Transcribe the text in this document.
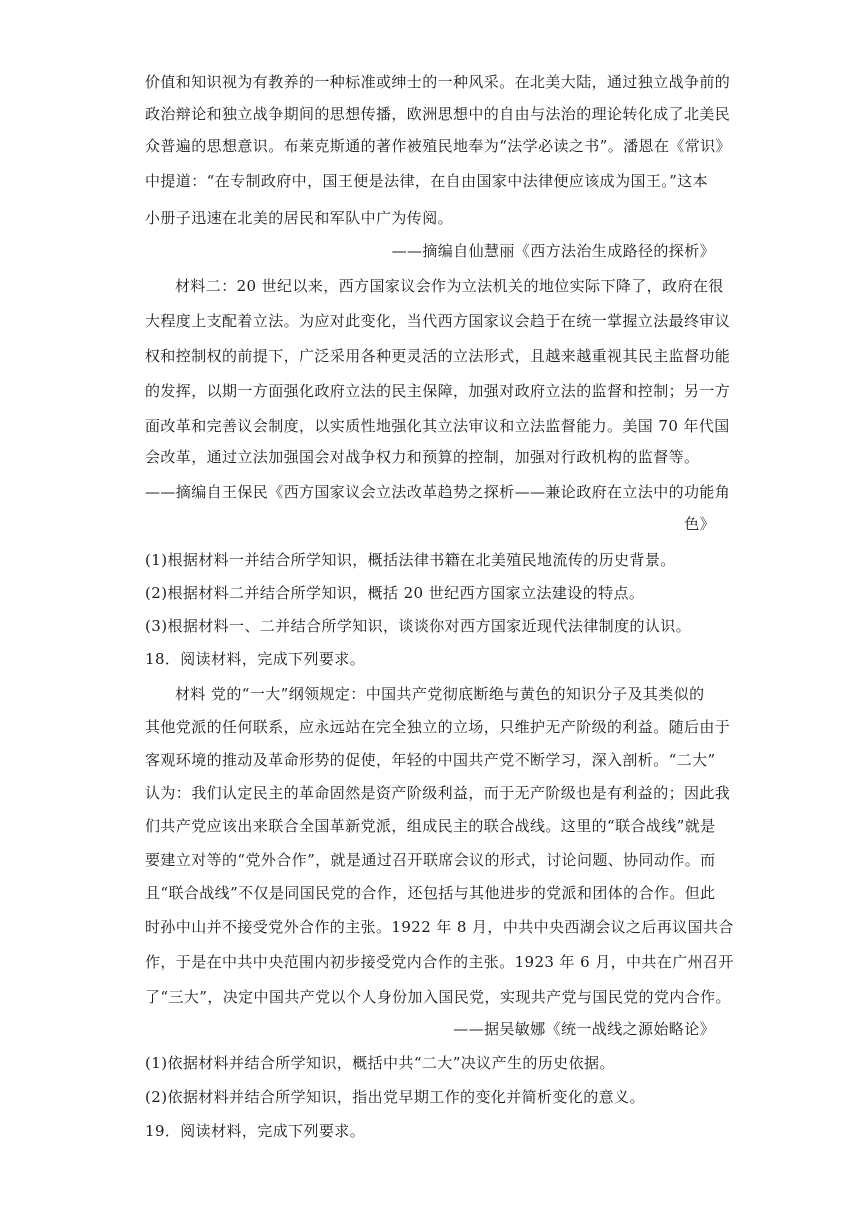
价值和知识视为有教养的一种标准或绅士的一种风采。在北美大陆，通过独立战争前的
政治辩论和独立战争期间的思想传播，欧洲思想中的自由与法治的理论转化成了北美民
众普遍的思想意识。布莱克斯通的著作被殖民地奉为“法学必读之书”。潘恩在《常识》
中提道：“在专制政府中，国王便是法律，在自由国家中法律便应该成为国王。”这本
小册子迅速在北美的居民和军队中广为传阅。
——摘编自仙慧丽《西方法治生成路径的探析》
材料二：20 世纪以来，西方国家议会作为立法机关的地位实际下降了，政府在很
大程度上支配着立法。为应对此变化，当代西方国家议会趋于在统一掌握立法最终审议
权和控制权的前提下，广泛采用各种更灵活的立法形式，且越来越重视其民主监督功能
的发挥，以期一方面强化政府立法的民主保障，加强对政府立法的监督和控制；另一方
面改革和完善议会制度，以实质性地强化其立法审议和立法监督能力。美国 70 年代国
会改革，通过立法加强国会对战争权力和预算的控制，加强对行政机构的监督等。
——摘编自王保民《西方国家议会立法改革趋势之探析——兼论政府在立法中的功能角
色》
(1)根据材料一并结合所学知识，概括法律书籍在北美殖民地流传的历史背景。
(2)根据材料二并结合所学知识，概括 20 世纪西方国家立法建设的特点。
(3)根据材料一、二并结合所学知识，谈谈你对西方国家近现代法律制度的认识。
18．阅读材料，完成下列要求。
材料 党的“一大”纲领规定：中国共产党彻底断绝与黄色的知识分子及其类似的
其他党派的任何联系，应永远站在完全独立的立场，只维护无产阶级的利益。随后由于
客观环境的推动及革命形势的促使，年轻的中国共产党不断学习，深入剖析。“二大”
认为：我们认定民主的革命固然是资产阶级利益，而于无产阶级也是有利益的；因此我
们共产党应该出来联合全国革新党派，组成民主的联合战线。这里的“联合战线”就是
要建立对等的“党外合作”，就是通过召开联席会议的形式，讨论问题、协同动作。而
且“联合战线”不仅是同国民党的合作，还包括与其他进步的党派和团体的合作。但此
时孙中山并不接受党外合作的主张。1922 年 8 月，中共中央西湖会议之后再议国共合
作，于是在中共中央范围内初步接受党内合作的主张。1923 年 6 月，中共在广州召开
了“三大”，决定中国共产党以个人身份加入国民党，实现共产党与国民党的党内合作。
——据吴敏娜《统一战线之源始略论》
(1)依据材料并结合所学知识，概括中共“二大”决议产生的历史依据。
(2)依据材料并结合所学知识，指出党早期工作的变化并简析变化的意义。
19．阅读材料，完成下列要求。
